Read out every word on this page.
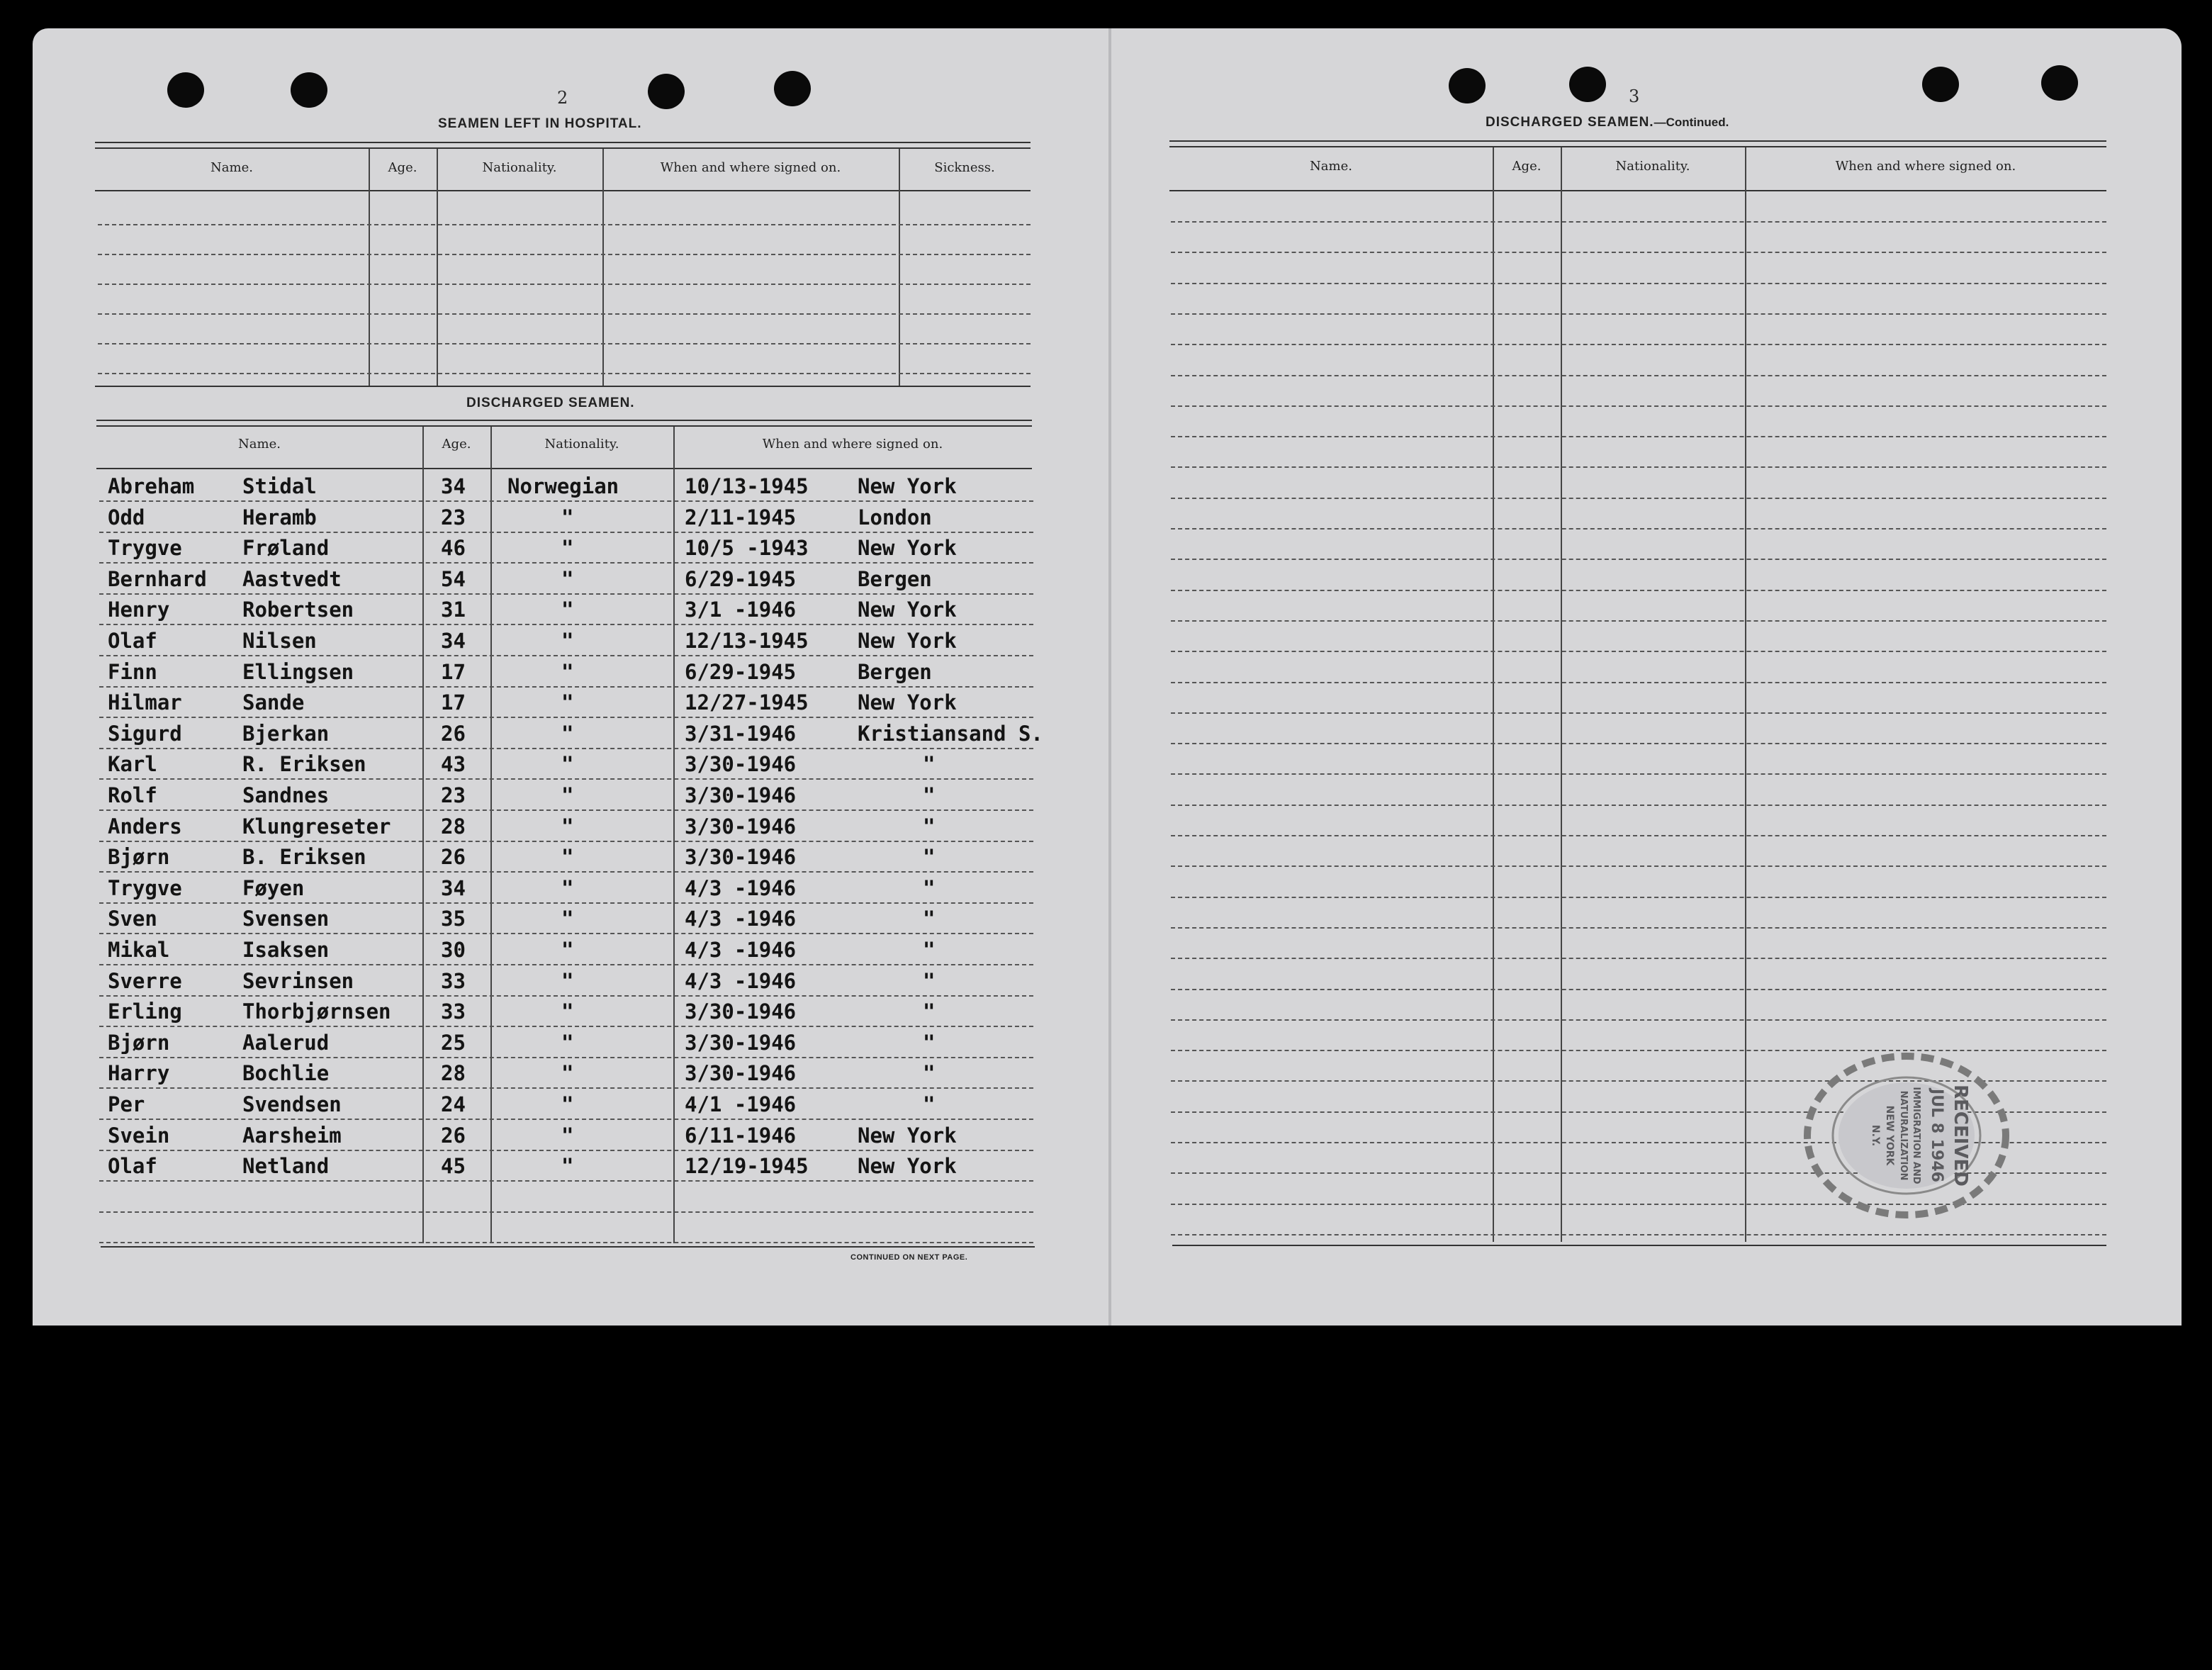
2
SEAMEN LEFT IN HOSPITAL.
Name.	Age.	Nationality.	When and where signed on.	Sickness.
DISCHARGED SEAMEN.
Name.	Age.	Nationality.	When and where signed on.
Abreham Stidal	34 Norwegian	10/13-1945 New York
Odd	Heramb	23	"	2/11-1945	London
Trygve	Frøland	46	"	10/5 -1943 New York
Bernhard Aastvedt	54	"	6/29-1945	Bergen
Henry	Robertsen	31	"	3/1 -1946	New York
Olaf	Nilsen	34	"	12/13-1945 New York
Finn	Ellingsen	17	"	6/29-1945	Bergen
Hilmar	Sande	17	"	12/27-1945 New York
Sigurd	Bjerkan	26	"	3/31-1946	Kristiansand S.
Karl	R. Eriksen	43	"	3/30-1946	"
Rolf	Sandnes	23	"	3/30-1946	"
Anders	Klungreseter 28	"	3/30-1946	"
Bjørn	B. Eriksen	26	"	3/30-1946	"
Trygve	Føyen	34	"	4/3 -1946	"
Sven	Svensen	35	"	4/3 -1946	"
Mikal	Isaksen	30	"	4/3 -1946	"
Sverre	Sevrinsen	33	"	4/3 -1946	"
Erling	Thorbjørnsen 33	"	3/30-1946	"
Bjørn	Aalerud	25	"	3/30-1946	"
Harry	Bochlie	28	"	3/30-1946	"
Per	Svendsen	24	"	4/1 -1946	"
Svein	Aarsheim	26	"	6/11-1946	New York
Olaf	Netland	45	"	12/19-1945 New York
CONTINUED ON NEXT PAGE.
3
DISCHARGED SEAMEN.—Continued.
Name.	Age.	Nationality.	When and where signed on.
RECEIVED
JUL 8 1946
IMMIGRATION AND
NATURALIZATION
NEW YORK
N.Y.
